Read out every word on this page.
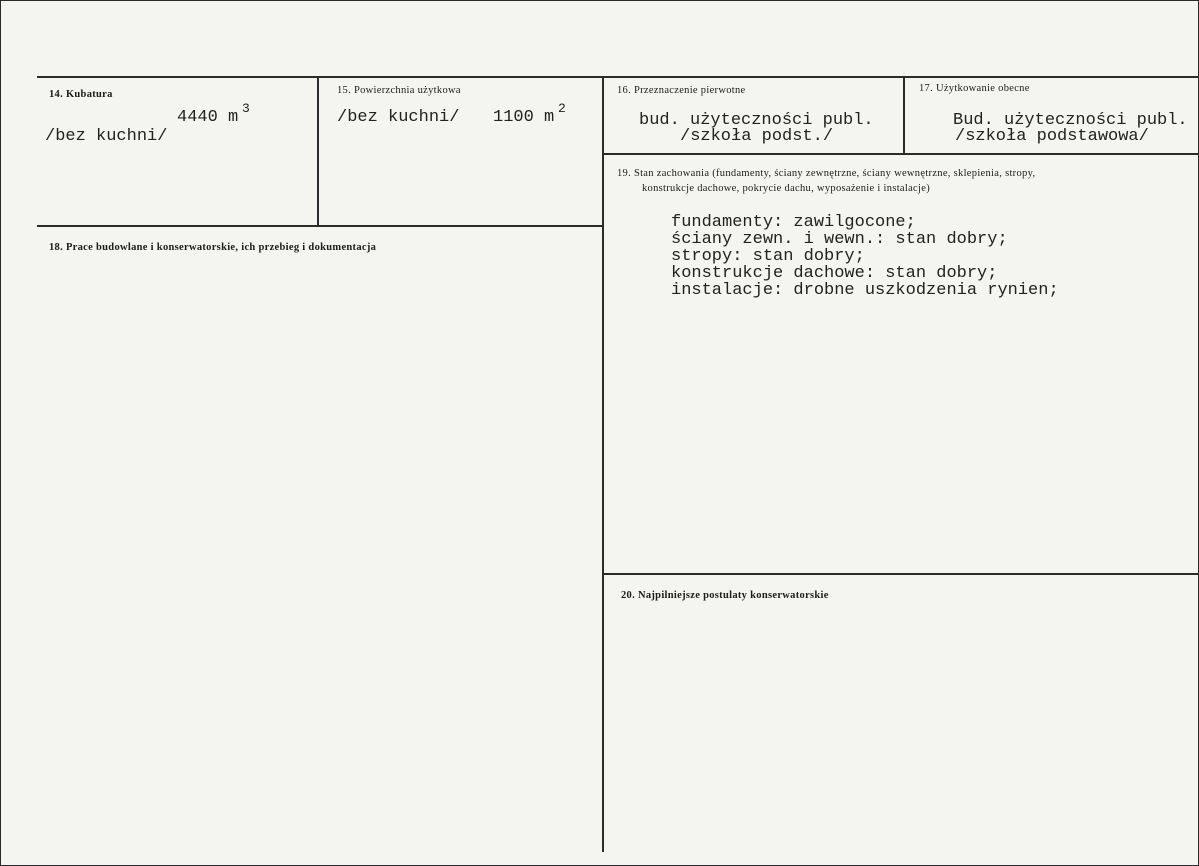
14. Kubatura
4440 m 3
/bez kuchni/
15. Powierzchnia użytkowa
/bez kuchni/ 1100 m 2
16. Przeznaczenie pierwotne
bud. użyteczności publ.
/szkoła podst./
17. Użytkowanie obecne
Bud. użyteczności publ.
/szkoła podstawowa/
18. Prace budowlane i konserwatorskie, ich przebieg i dokumentacja
19. Stan zachowania (fundamenty, ściany zewnętrzne, ściany wewnętrzne, sklepienia, stropy,
konstrukcje dachowe, pokrycie dachu, wyposażenie i instalacje)
fundamenty: zawilgocone;
ściany zewn. i wewn.: stan dobry;
stropy: stan dobry;
konstrukcje dachowe: stan dobry;
instalacje: drobne uszkodzenia rynien;
20. Najpilniejsze postulaty konserwatorskie
